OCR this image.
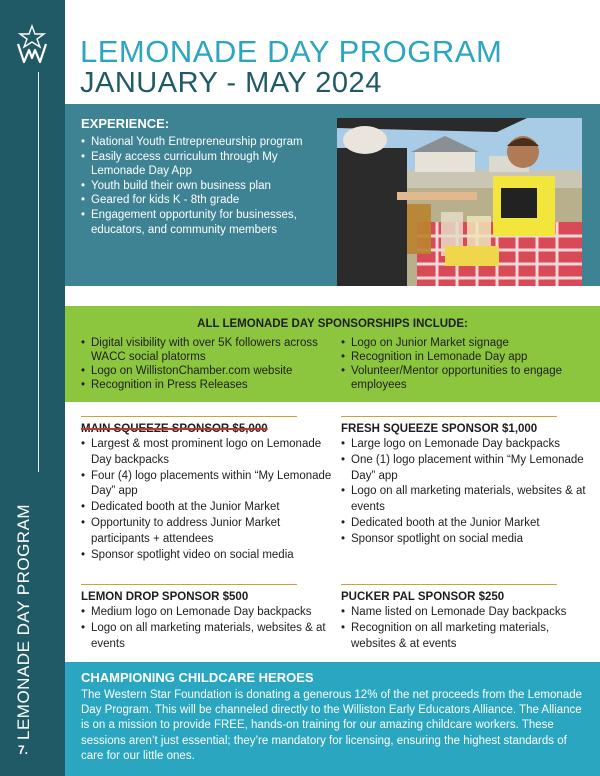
LEMONADE DAY PROGRAM
7.
LEMONADE DAY PROGRAM
JANUARY - MAY 2024
EXPERIENCE:
• National Youth Entrepreneurship program
• Easily access curriculum through My Lemonade Day App
• Youth build their own business plan
• Geared for kids K - 8th grade
• Engagement opportunity for businesses, educators, and community members
ALL LEMONADE DAY SPONSORSHIPS INCLUDE:
• Digital visibility with over 5K followers across WACC social platorms
• Logo on WillistonChamber.com website
• Recognition in Press Releases
• Logo on Junior Market signage
• Recognition in Lemonade Day app
• Volunteer/Mentor opportunities to engage employees
MAIN SQUEEZE SPONSOR $5,000
• Largest & most prominent logo on Lemonade Day backpacks
• Four (4) logo placements within “My Lemonade Day” app
• Dedicated booth at the Junior Market
• Opportunity to address Junior Market participants + attendees
• Sponsor spotlight video on social media
FRESH SQUEEZE SPONSOR $1,000
• Large logo on Lemonade Day backpacks
• One (1) logo placement within “My Lemonade Day” app
• Logo on all marketing materials, websites & at events
• Dedicated booth at the Junior Market
• Sponsor spotlight on social media
LEMON DROP SPONSOR $500
• Medium logo on Lemonade Day backpacks
• Logo on all marketing materials, websites & at events
PUCKER PAL SPONSOR $250
• Name listed on Lemonade Day backpacks
• Recognition on all marketing materials, websites & at events
CHAMPIONING CHILDCARE HEROES
The Western Star Foundation is donating a generous 12% of the net proceeds from the Lemonade Day Program. This will be channeled directly to the Williston Early Educators Alliance. The Alliance is on a mission to provide FREE, hands-on training for our amazing childcare workers. These sessions aren’t just essential; they’re mandatory for licensing, ensuring the highest standards of care for our little ones.
